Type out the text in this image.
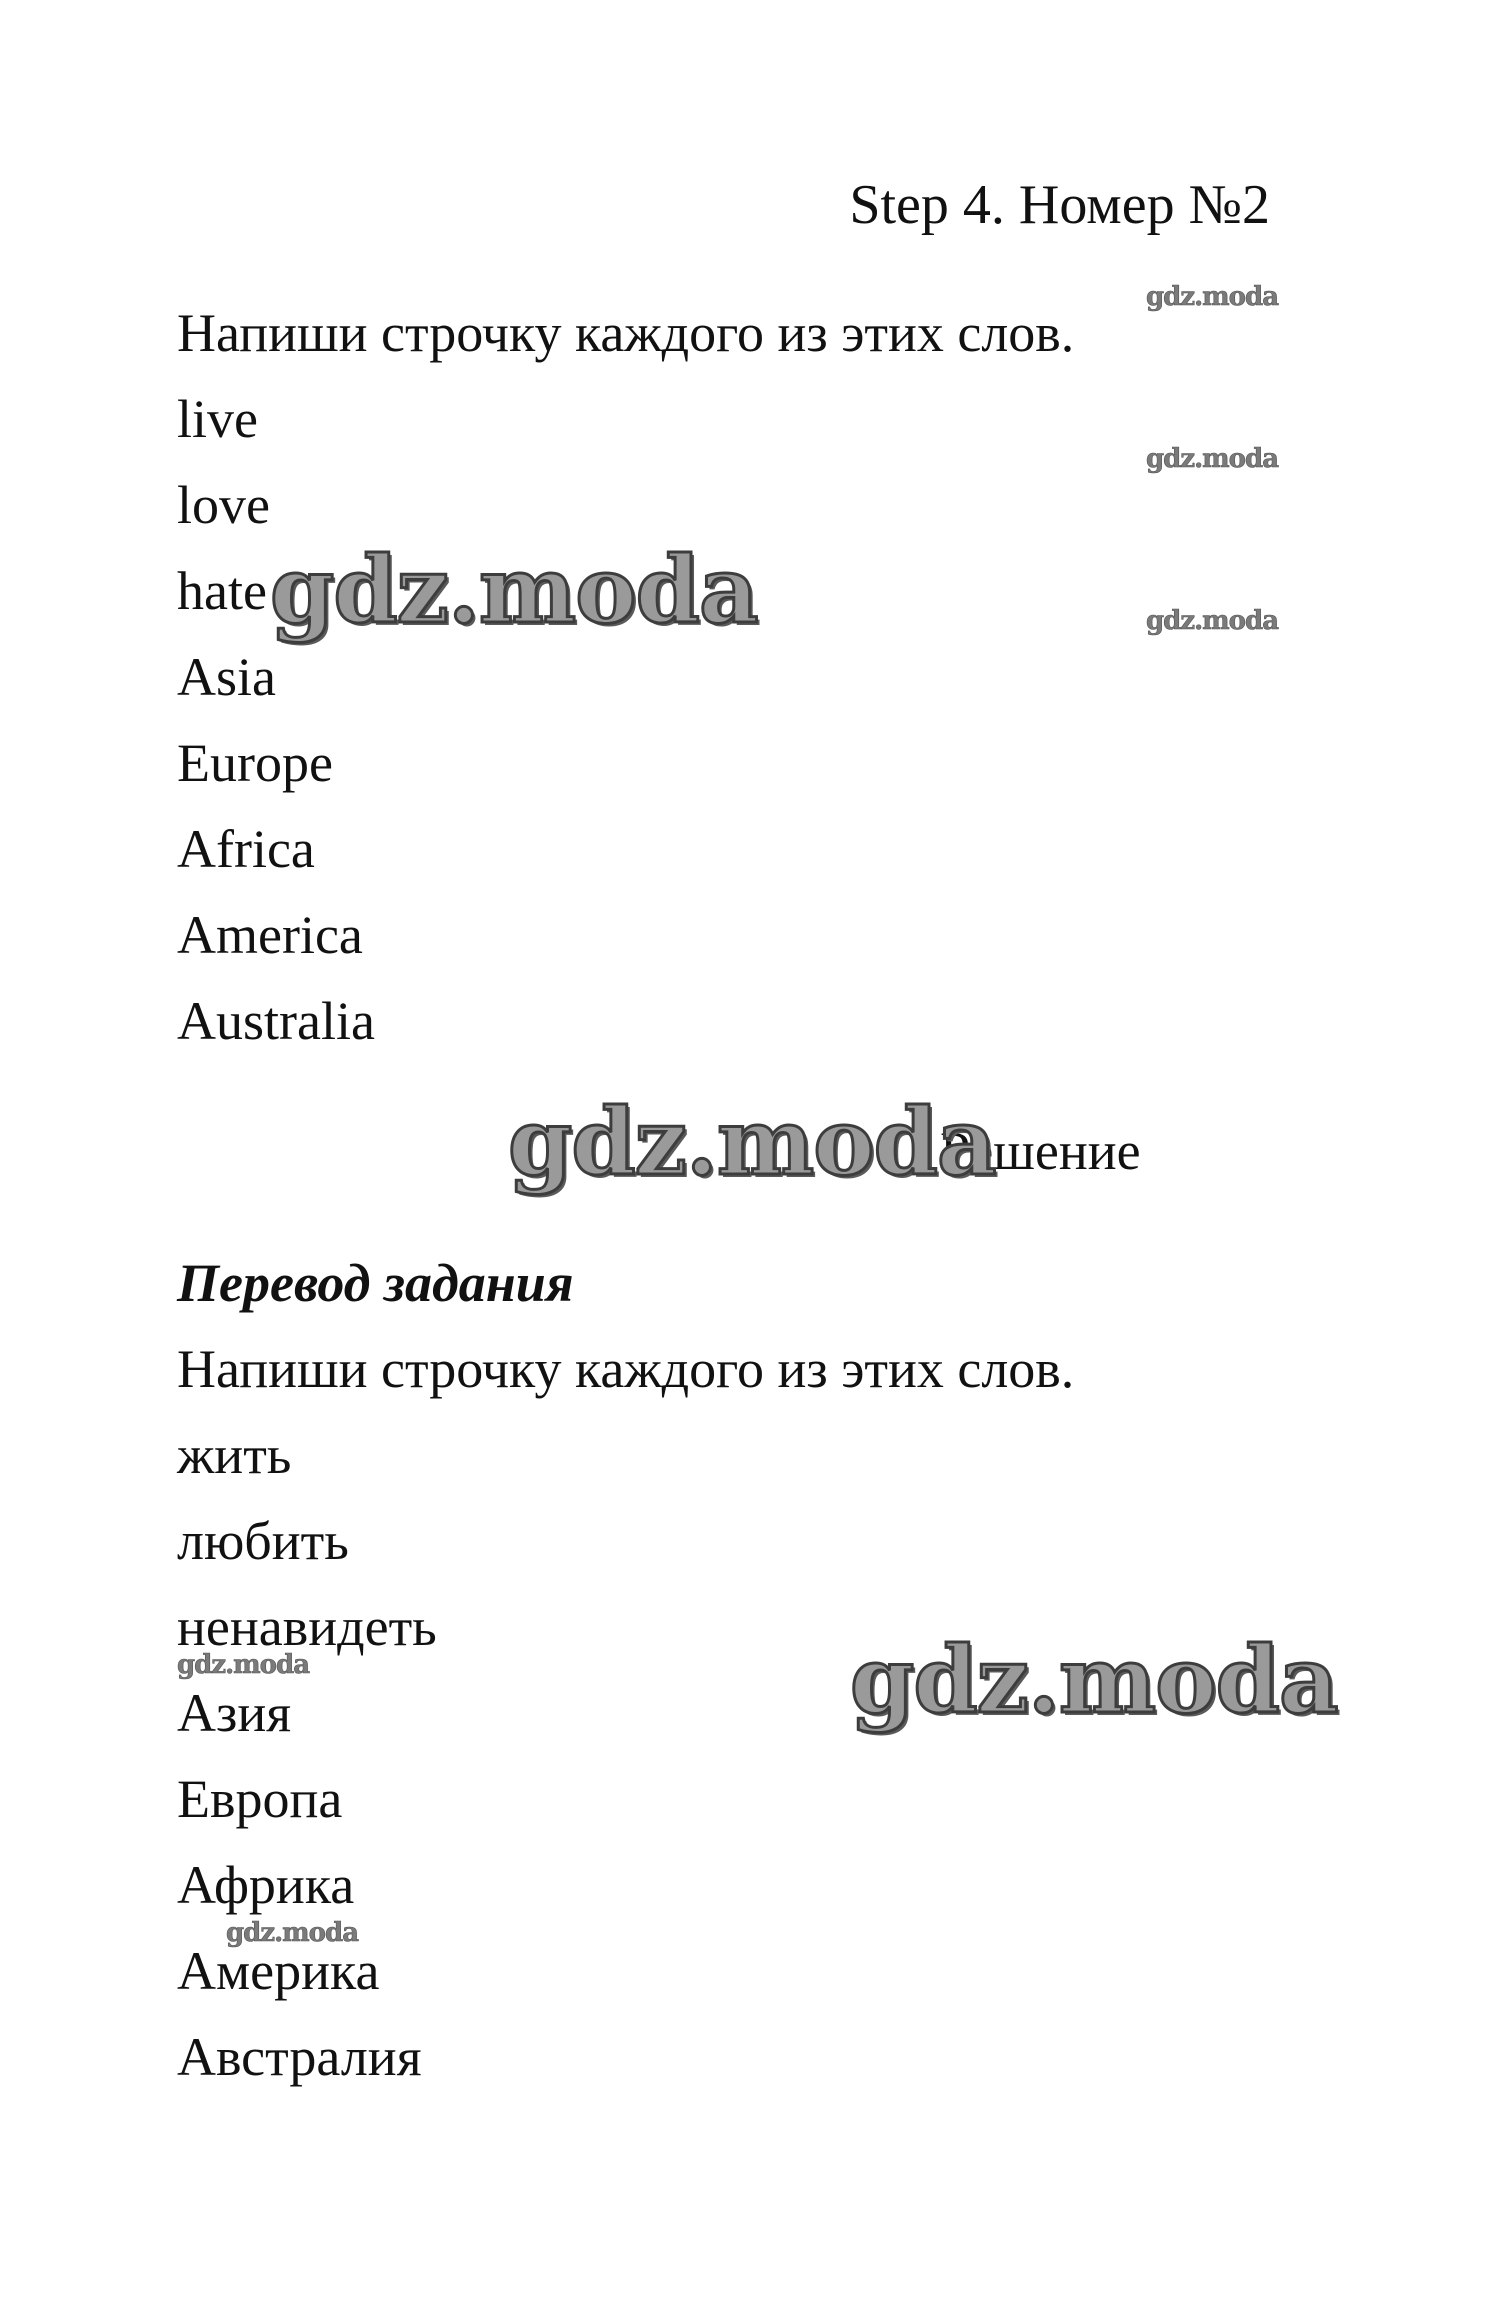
Step 4. Номер №2
Напиши строчку каждого из этих слов.
live
love
hate
Asia
Europe
Africa
America
Australia
Решение
Перевод задания
Напиши строчку каждого из этих слов.
жить
любить
ненавидеть
Азия
Европа
Африка
Америка
Австралия
gdz.moda
gdz.moda
gdz.moda
gdz.moda
gdz.moda
gdz.moda
gdz.moda
gdz.moda
